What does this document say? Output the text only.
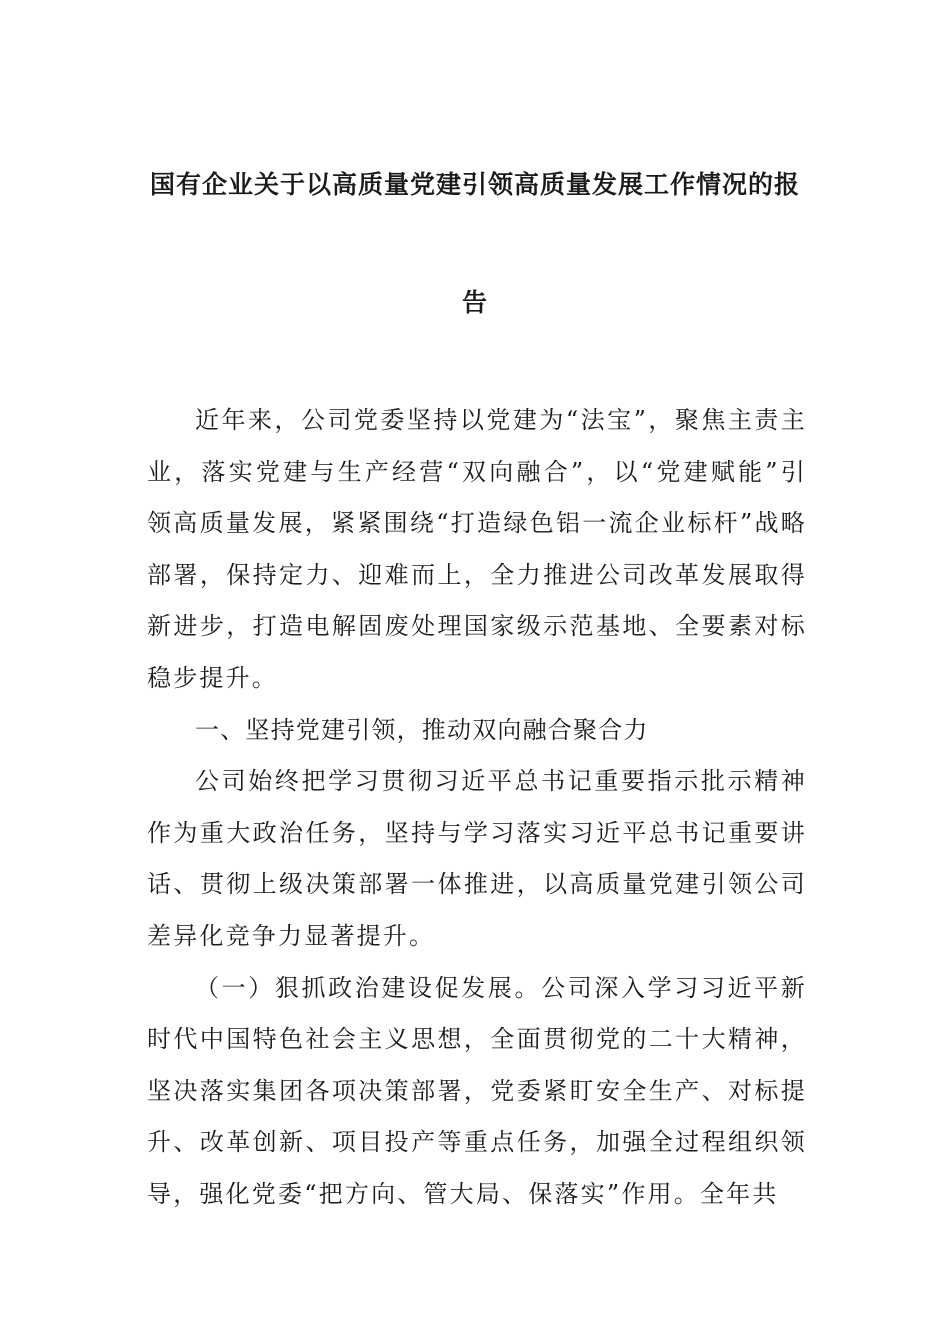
国有企业关于以高质量党建引领高质量发展工作情况的报
告

近年来，公司党委坚持以党建为“法宝”，聚焦主责主业，落实党建与生产经营“双向融合”，以“党建赋能”引领高质量发展，紧紧围绕“打造绿色铝一流企业标杆”战略部署，保持定力、迎难而上，全力推进公司改革发展取得新进步，打造电解固废处理国家级示范基地、全要素对标稳步提升。

一、坚持党建引领，推动双向融合聚合力

公司始终把学习贯彻习近平总书记重要指示批示精神作为重大政治任务，坚持与学习落实习近平总书记重要讲话、贯彻上级决策部署一体推进，以高质量党建引领公司差异化竞争力显著提升。

（一）狠抓政治建设促发展。公司深入学习习近平新时代中国特色社会主义思想，全面贯彻党的二十大精神，坚决落实集团各项决策部署，党委紧盯安全生产、对标提升、改革创新、项目投产等重点任务，加强全过程组织领导，强化党委“把方向、管大局、保落实”作用。全年共
